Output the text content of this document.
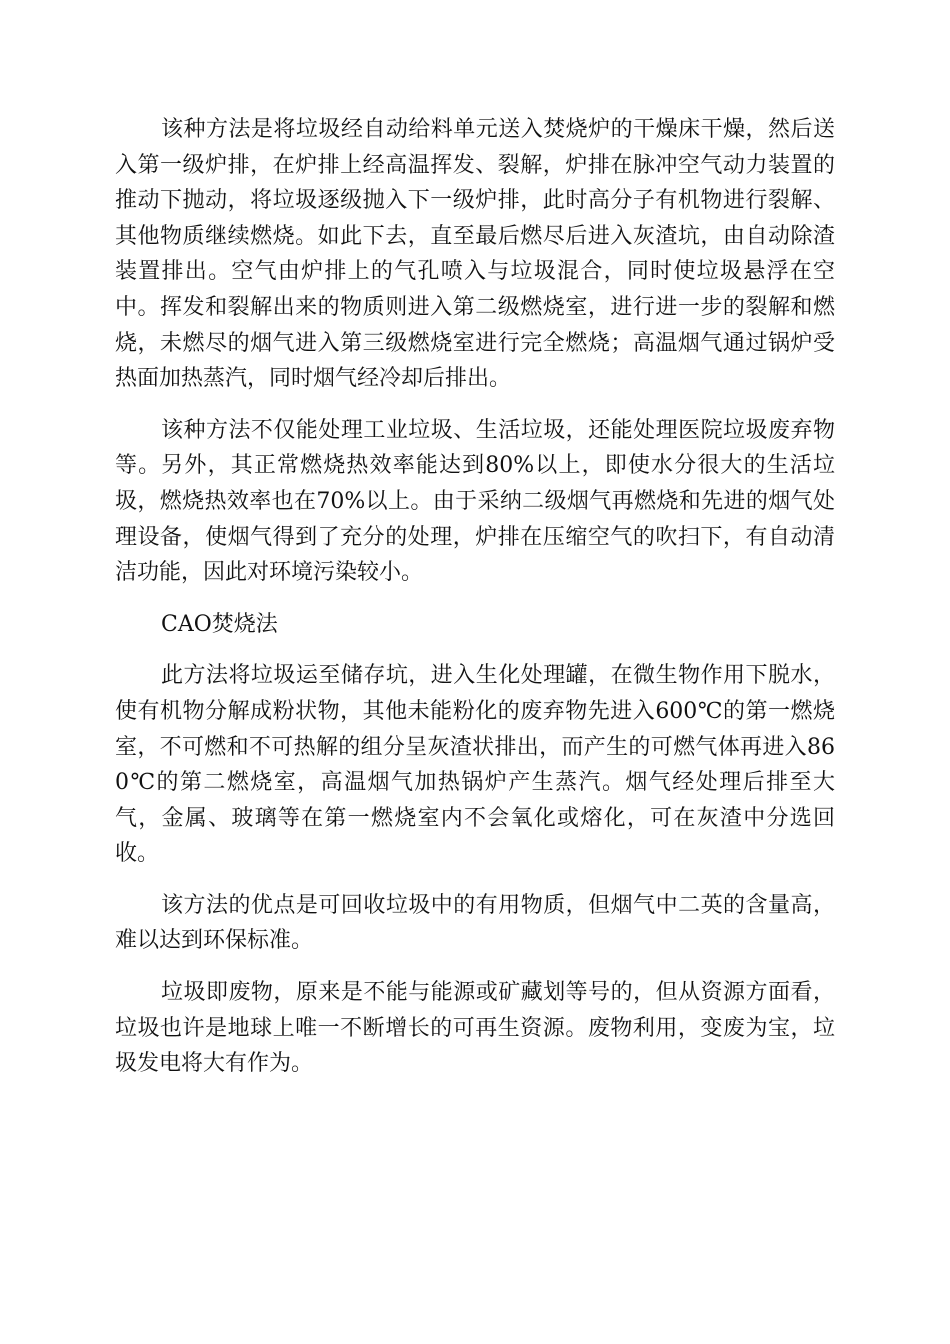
该种方法是将垃圾经自动给料单元送入焚烧炉的干燥床干燥，然后送入第一级炉排，在炉排上经高温挥发、裂解，炉排在脉冲空气动力装置的推动下抛动，将垃圾逐级抛入下一级炉排，此时高分子有机物进行裂解、其他物质继续燃烧。如此下去，直至最后燃尽后进入灰渣坑，由自动除渣装置排出。空气由炉排上的气孔喷入与垃圾混合，同时使垃圾悬浮在空中。挥发和裂解出来的物质则进入第二级燃烧室，进行进一步的裂解和燃烧，未燃尽的烟气进入第三级燃烧室进行完全燃烧；高温烟气通过锅炉受热面加热蒸汽，同时烟气经冷却后排出。

该种方法不仅能处理工业垃圾、生活垃圾，还能处理医院垃圾废弃物等。另外，其正常燃烧热效率能达到80%以上，即使水分很大的生活垃圾，燃烧热效率也在70%以上。由于采纳二级烟气再燃烧和先进的烟气处理设备，使烟气得到了充分的处理，炉排在压缩空气的吹扫下，有自动清洁功能，因此对环境污染较小。

CAO焚烧法

此方法将垃圾运至储存坑，进入生化处理罐，在微生物作用下脱水，使有机物分解成粉状物，其他未能粉化的废弃物先进入600℃的第一燃烧室，不可燃和不可热解的组分呈灰渣状排出，而产生的可燃气体再进入860℃的第二燃烧室，高温烟气加热锅炉产生蒸汽。烟气经处理后排至大气，金属、玻璃等在第一燃烧室内不会氧化或熔化，可在灰渣中分选回收。

该方法的优点是可回收垃圾中的有用物质，但烟气中二英的含量高，难以达到环保标准。

垃圾即废物，原来是不能与能源或矿藏划等号的，但从资源方面看，垃圾也许是地球上唯一不断增长的可再生资源。废物利用，变废为宝，垃圾发电将大有作为。
